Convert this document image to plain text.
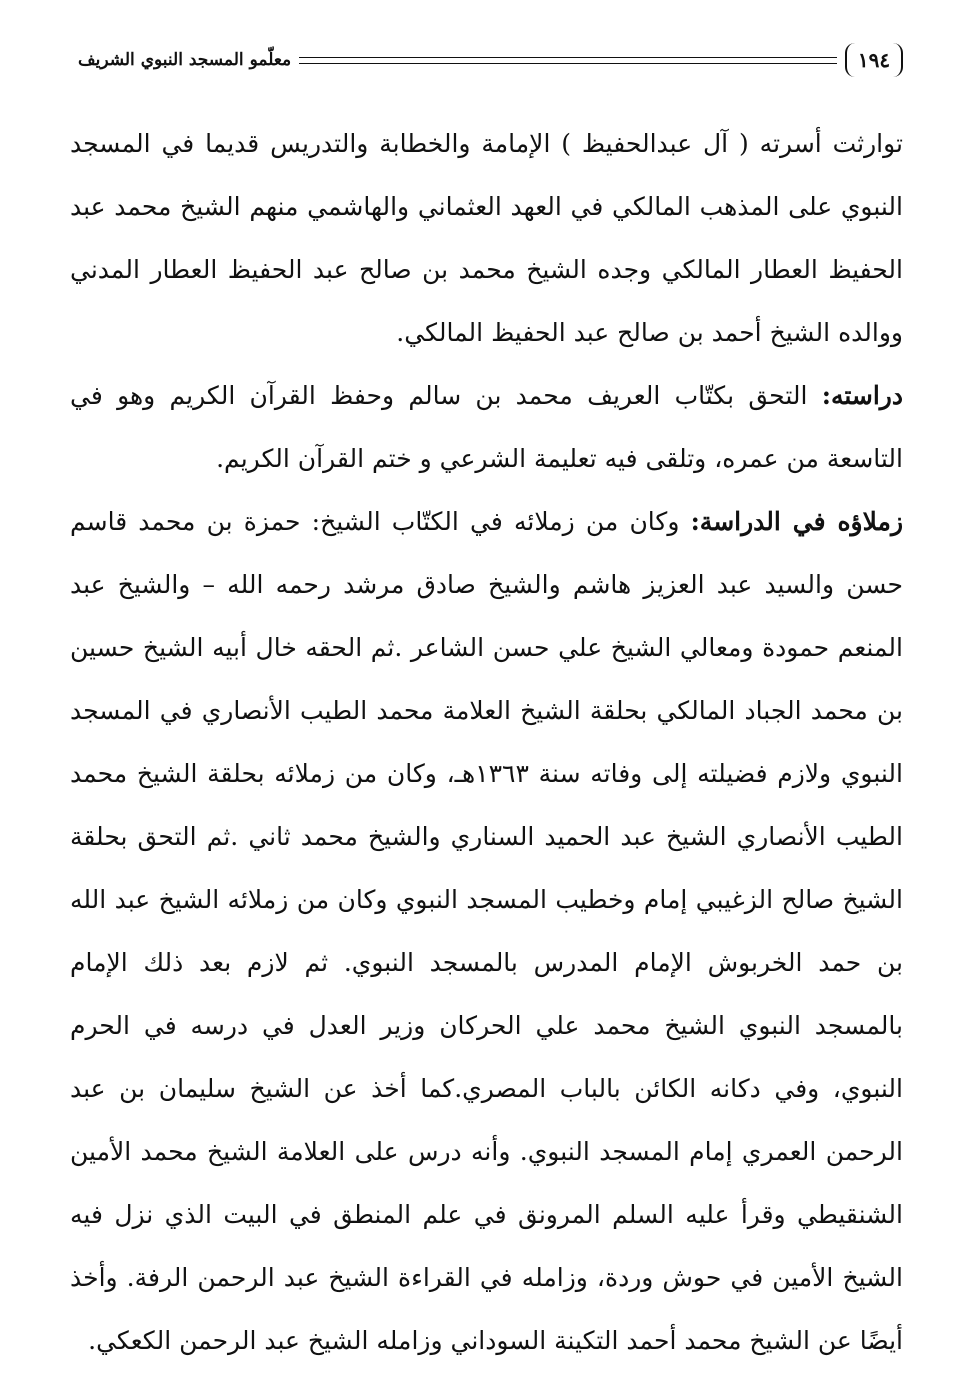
١٩٤
معلّمو المسجد النبوي الشريف

توارثت أسرته ( آل عبدالحفيظ ) الإمامة والخطابة والتدريس قديما في المسجد النبوي على المذهب المالكي في العهد العثماني والهاشمي منهم الشيخ محمد عبد الحفيظ العطار المالكي وجده الشيخ محمد بن صالح عبد الحفيظ العطار المدني ووالده الشيخ أحمد بن صالح عبد الحفيظ المالكي.

دراسته: التحق بكتّاب العريف محمد بن سالم وحفظ القرآن الكريم وهو في التاسعة من عمره، وتلقى فيه تعليمة الشرعي و ختم القرآن الكريم.

زملاؤه في الدراسة: وكان من زملائه في الكتّاب الشيخ: حمزة بن محمد قاسم حسن والسيد عبد العزيز هاشم والشيخ صادق مرشد رحمه الله – والشيخ عبد المنعم حمودة ومعالي الشيخ علي حسن الشاعر .ثم الحقه خال أبيه الشيخ حسين بن محمد الجباد المالكي بحلقة الشيخ العلامة محمد الطيب الأنصاري في المسجد النبوي ولازم فضيلته إلى وفاته سنة ١٣٦٣هـ، وكان من زملائه بحلقة الشيخ محمد الطيب الأنصاري الشيخ عبد الحميد السناري والشيخ محمد ثاني .ثم التحق بحلقة الشيخ صالح الزغيبي إمام وخطيب المسجد النبوي وكان من زملائه الشيخ عبد الله بن حمد الخربوش الإمام المدرس بالمسجد النبوي. ثم لازم بعد ذلك الإمام بالمسجد النبوي الشيخ محمد علي الحركان وزير العدل في درسه في الحرم النبوي، وفي دكانه الكائن بالباب المصري.كما أخذ عن الشيخ سليمان بن عبد الرحمن العمري إمام المسجد النبوي. وأنه درس على العلامة الشيخ محمد الأمين الشنقيطي وقرأ عليه السلم المرونق في علم المنطق في البيت الذي نزل فيه الشيخ الأمين في حوش وردة، وزامله في القراءة الشيخ عبد الرحمن الرفة. وأخذ أيضًا عن الشيخ محمد أحمد التكينة السوداني وزامله الشيخ عبد الرحمن الكعكي.
